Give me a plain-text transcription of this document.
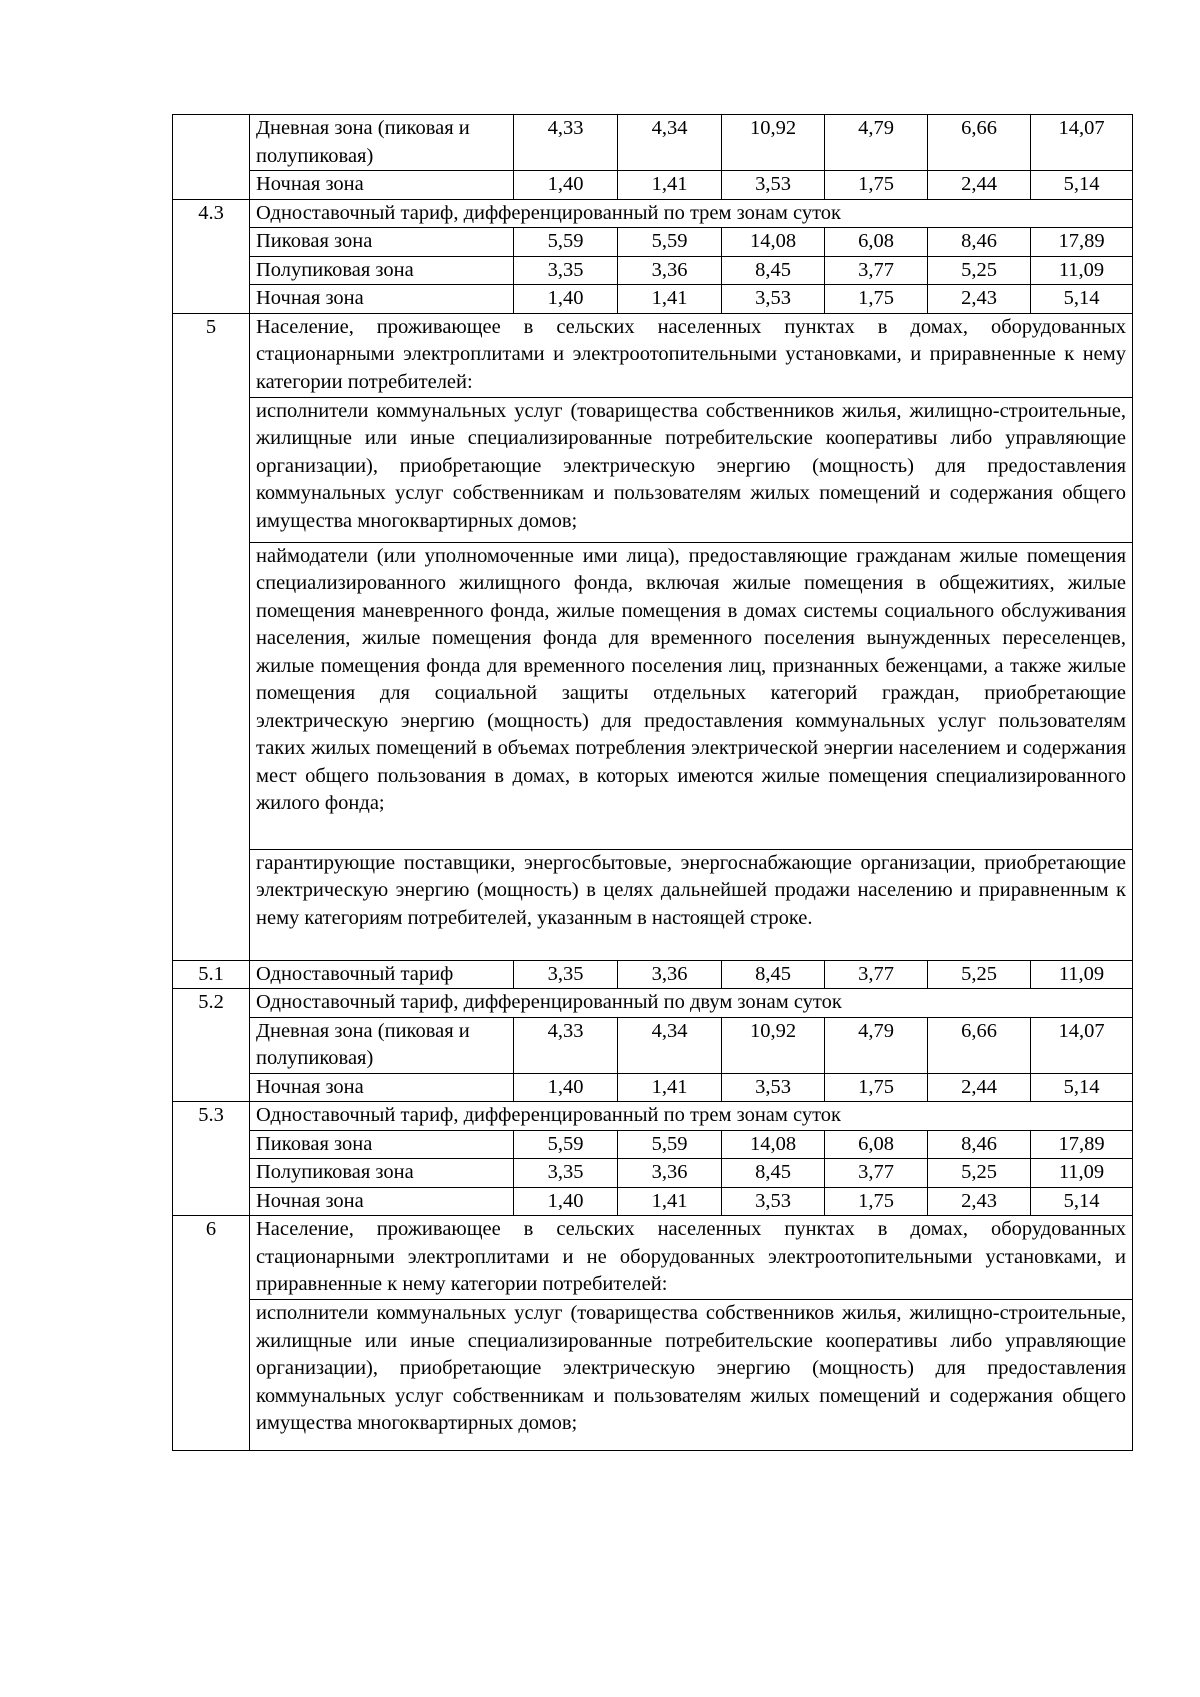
	Дневная зона (пиковая и полупиковая)	4,33	4,34	10,92	4,79	6,66	14,07
	Ночная зона	1,40	1,41	3,53	1,75	2,44	5,14
4.3	Одноставочный тариф, дифференцированный по трем зонам суток						
	Пиковая зона	5,59	5,59	14,08	6,08	8,46	17,89
	Полупиковая зона	3,35	3,36	8,45	3,77	5,25	11,09
	Ночная зона	1,40	1,41	3,53	1,75	2,43	5,14
5	Население, проживающее в сельских населенных пунктах в домах, оборудованных стационарными электроплитами и электроотопительными установками, и приравненные к нему категории потребителей:						
	исполнители коммунальных услуг (товарищества собственников жилья, жилищно-строительные, жилищные или иные специализированные потребительские кооперативы либо управляющие организации), приобретающие электрическую энергию (мощность) для предоставления коммунальных услуг собственникам и пользователям жилых помещений и содержания общего имущества многоквартирных домов;						
	наймодатели (или уполномоченные ими лица), предоставляющие гражданам жилые помещения специализированного жилищного фонда, включая жилые помещения в общежитиях, жилые помещения маневренного фонда, жилые помещения в домах системы социального обслуживания населения, жилые помещения фонда для временного поселения вынужденных переселенцев, жилые помещения фонда для временного поселения лиц, признанных беженцами, а также жилые помещения для социальной защиты отдельных категорий граждан, приобретающие электрическую энергию (мощность) для предоставления коммунальных услуг пользователям таких жилых помещений в объемах потребления электрической энергии населением и содержания мест общего пользования в домах, в которых имеются жилые помещения специализированного жилого фонда;						
	гарантирующие поставщики, энергосбытовые, энергоснабжающие организации, приобретающие электрическую энергию (мощность) в целях дальнейшей продажи населению и приравненным к нему категориям потребителей, указанным в настоящей строке.						
5.1	Одноставочный тариф	3,35	3,36	8,45	3,77	5,25	11,09
5.2	Одноставочный тариф, дифференцированный по двум зонам суток						
	Дневная зона (пиковая и полупиковая)	4,33	4,34	10,92	4,79	6,66	14,07
	Ночная зона	1,40	1,41	3,53	1,75	2,44	5,14
5.3	Одноставочный тариф, дифференцированный по трем зонам суток						
	Пиковая зона	5,59	5,59	14,08	6,08	8,46	17,89
	Полупиковая зона	3,35	3,36	8,45	3,77	5,25	11,09
	Ночная зона	1,40	1,41	3,53	1,75	2,43	5,14
6	Население, проживающее в сельских населенных пунктах в домах, оборудованных стационарными электроплитами и не оборудованных электроотопительными установками, и приравненные к нему категории потребителей:						
	исполнители коммунальных услуг (товарищества собственников жилья, жилищно-строительные, жилищные или иные специализированные потребительские кооперативы либо управляющие организации), приобретающие электрическую энергию (мощность) для предоставления коммунальных услуг собственникам и пользователям жилых помещений и содержания общего имущества многоквартирных домов;						
